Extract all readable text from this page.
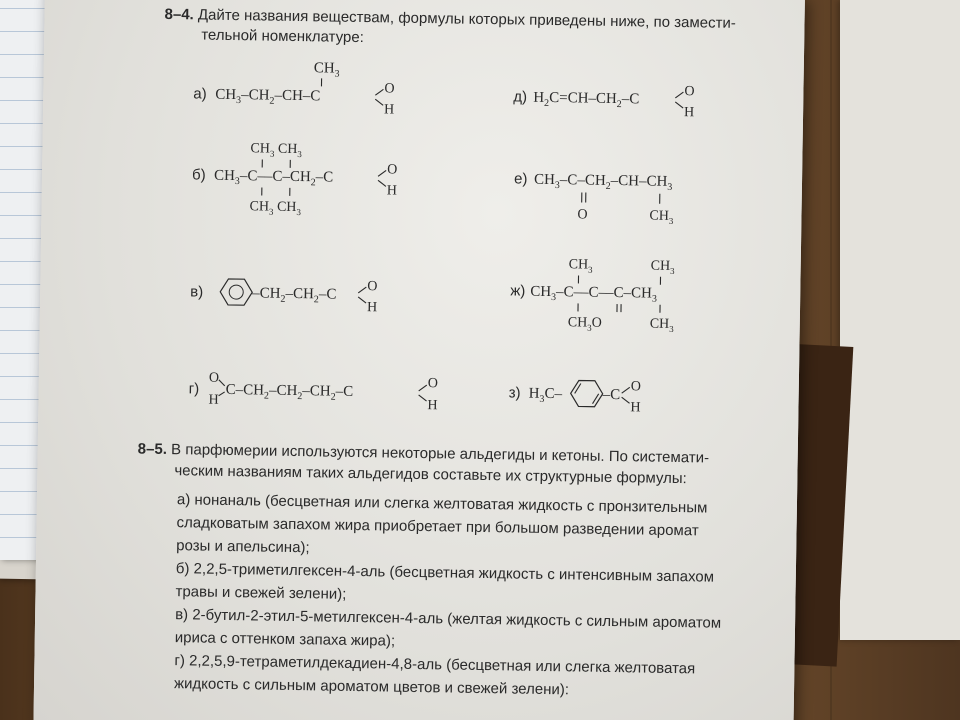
8–4. Дайте названия веществам, формулы которых приведены ниже, по замести-
тельной номенклатуре:
а) $CH_3-CH_2-CH-C$
$CH_3$
O
H
д) $H_2C=CH-CH_2-C$	O
H
б)
$CH_3$ $CH_3$
$CH_3-C--C-CH_2-C$
$CH_3$ $CH_3$
O
H
е) $CH_3-C-CH_2-CH-CH_3$
O	$CH_3$
в)	$-CH_2-CH_2-C$ O
H
$CH_3$	$CH_3$
ж) $CH_3-C--C--C-CH_3$
$CH_3O$	$CH_3$
г)
O
H
$C-CH_2-CH_2-CH_2-C$	O
H
з) $H_3C-$	–C O
H
8–5. В парфюмерии используются некоторые альдегиды и кетоны. По системати-
ческим названиям таких альдегидов составьте их структурные формулы:
а) нонаналь (бесцветная или слегка желтоватая жидкость с пронзительным
сладковатым запахом жира приобретает при большом разведении аромат
розы и апельсина);
б) 2,2,5-триметилгексен-4-аль (бесцветная жидкость с интенсивным запахом
травы и свежей зелени);
в) 2-бутил-2-этил-5-метилгексен-4-аль (желтая жидкость с сильным ароматом
ириса с оттенком запаха жира);
г) 2,2,5,9-тетраметилдекадиен-4,8-аль (бесцветная или слегка желтоватая
жидкость с сильным ароматом цветов и свежей зелени):
